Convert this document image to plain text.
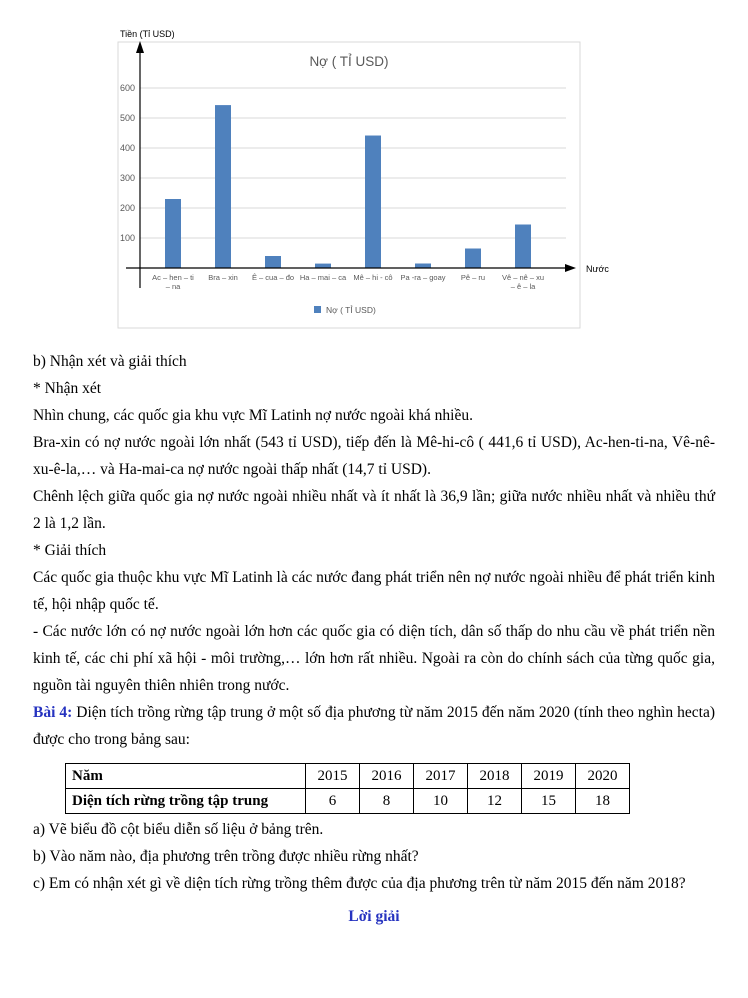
100
200
300
400
500
600
Nợ ( TỈ USD)
Ac – hen – ti
– na
Bra – xin Ê – cua – đo Ha – mai – ca Mê – hi - cô Pa -ra – goay Pê – ru Vê – nê – xu
– ê – la
Tiền (Tỉ USD)
Nước
Nợ ( TỈ USD)

b) Nhận xét và giải thích

* Nhận xét

Nhìn chung, các quốc gia khu vực Mĩ Latinh nợ nước ngoài khá nhiều.

Bra-xin có nợ nước ngoài lớn nhất (543 tỉ USD), tiếp đến là Mê-hi-cô ( 441,6 tỉ USD), Ac-hen-ti-na, Vê-nê-xu-ê-la,… và Ha-mai-ca nợ nước ngoài thấp nhất (14,7 tỉ USD).

Chênh lệch giữa quốc gia nợ nước ngoài nhiều nhất và ít nhất là 36,9 lần; giữa nước nhiều nhất và nhiều thứ 2 là 1,2 lần.

* Giải thích

Các quốc gia thuộc khu vực Mĩ Latinh là các nước đang phát triển nên nợ nước ngoài nhiều để phát triển kinh tế, hội nhập quốc tế.

- Các nước lớn có nợ nước ngoài lớn hơn các quốc gia có diện tích, dân số thấp do nhu cầu về phát triển nền kinh tế, các chi phí xã hội - môi trường,… lớn hơn rất nhiều. Ngoài ra còn do chính sách của từng quốc gia, nguồn tài nguyên thiên nhiên trong nước.

Bài 4: Diện tích trồng rừng tập trung ở một số địa phương từ năm 2015 đến năm 2020 (tính theo nghìn hecta) được cho trong bảng sau:

Năm	2015	2016	2017	2018	2019	2020
Diện tích rừng trồng tập trung	6	8	10	12	15	18

a) Vẽ biểu đồ cột biểu diễn số liệu ở bảng trên.

b) Vào năm nào, địa phương trên trồng được nhiều rừng nhất?

c) Em có nhận xét gì về diện tích rừng trồng thêm được của địa phương trên từ năm 2015 đến năm 2018?

Lời giải
